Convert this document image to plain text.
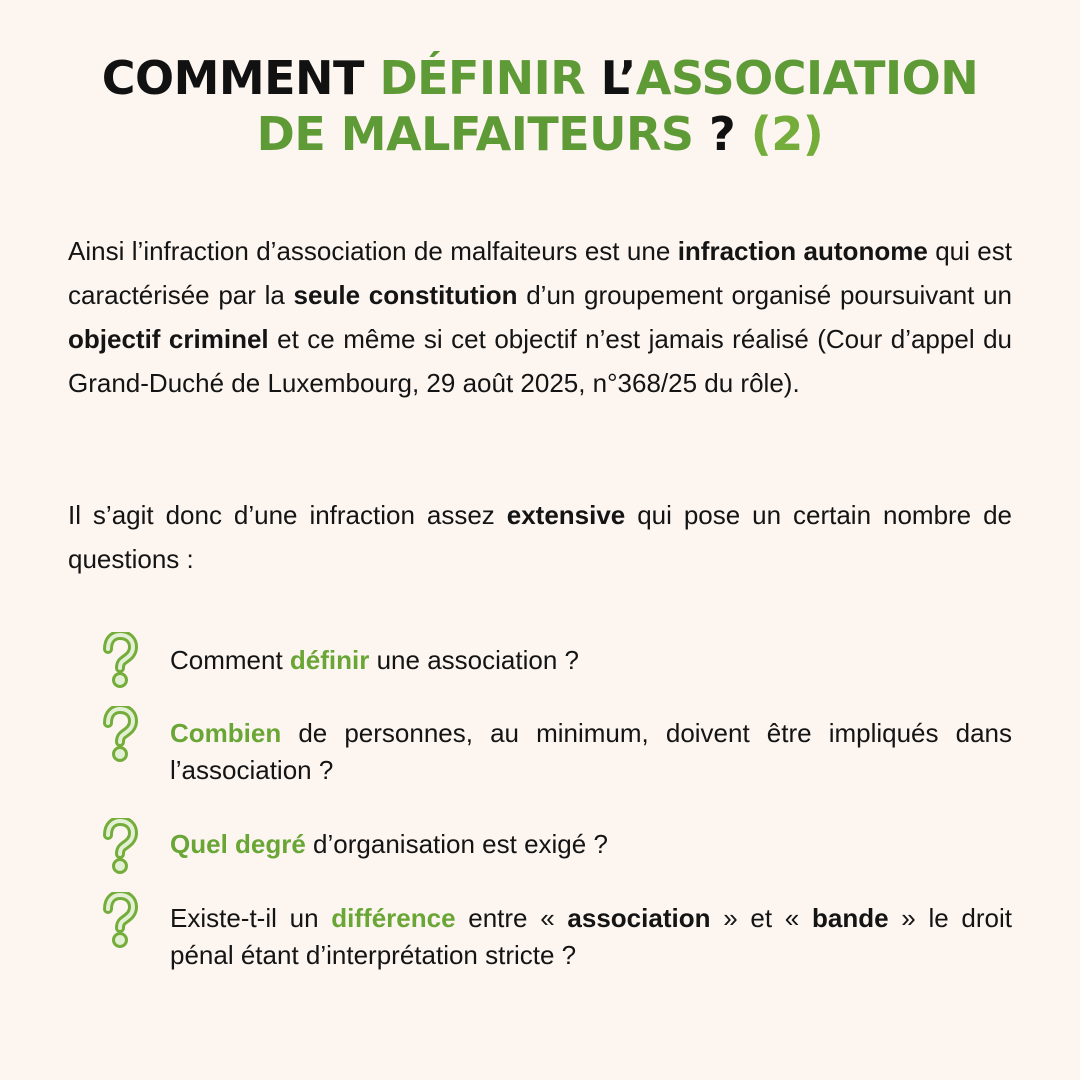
COMMENT DÉFINIR L’ASSOCIATION
DE MALFAITEURS ? (2)

Ainsi l’infraction d’association de malfaiteurs est une infraction autonome qui est caractérisée par la seule constitution d’un groupement organisé poursuivant un objectif criminel et ce même si cet objectif n’est jamais réalisé (Cour d’appel du Grand-Duché de Luxembourg, 29 août 2025, n°368/25 du rôle).

Il s’agit donc d’une infraction assez extensive qui pose un certain nombre de questions :

Comment définir une association ?

Combien de personnes, au minimum, doivent être impliqués dans l’association ?

Quel degré d’organisation est exigé ?

Existe-t-il un différence entre « association » et « bande » le droit pénal étant d’interprétation stricte ?
